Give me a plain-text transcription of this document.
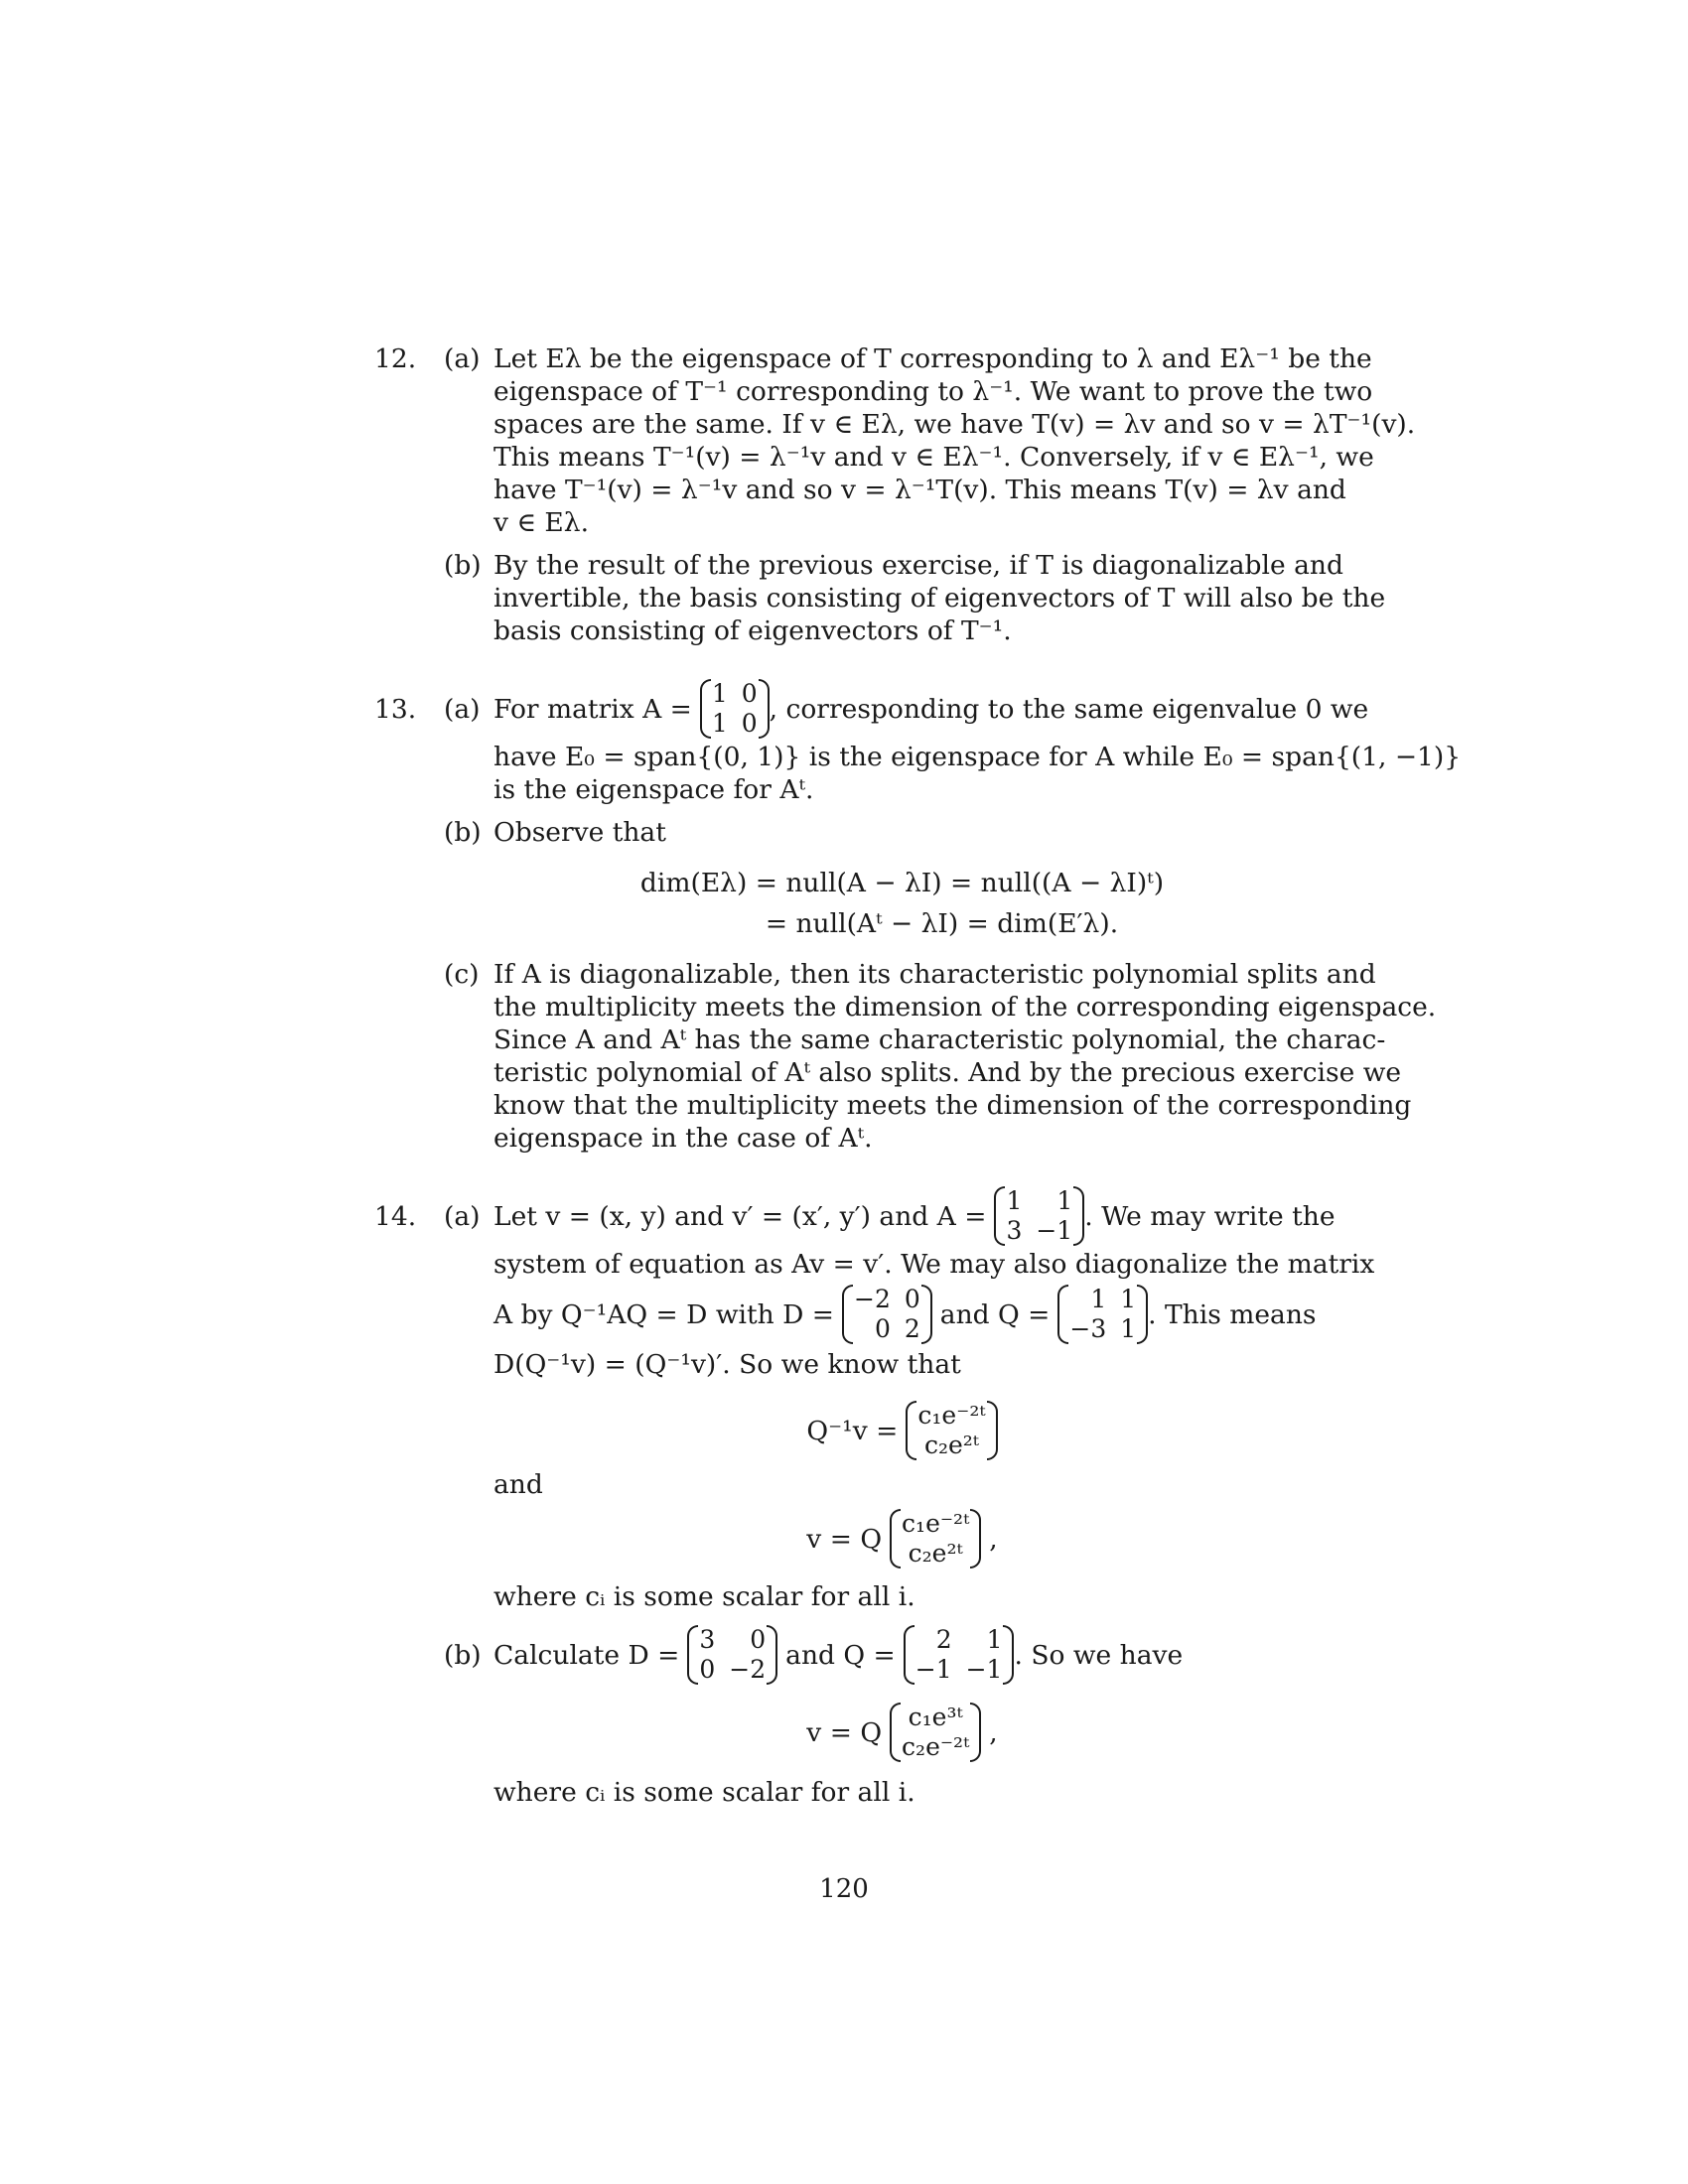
12.	(a) Let Eλ be the eigenspace of T corresponding to λ and Eλ⁻¹ be the
eigenspace of T⁻¹ corresponding to λ⁻¹. We want to prove the two
spaces are the same. If v ∈ Eλ, we have T(v) = λv and so v = λT⁻¹(v).
This means T⁻¹(v) = λ⁻¹v and v ∈ Eλ⁻¹. Conversely, if v ∈ Eλ⁻¹, we
have T⁻¹(v) = λ⁻¹v and so v = λ⁻¹T(v). This means T(v) = λv and
v ∈ Eλ.
(b) By the result of the previous exercise, if T is diagonalizable and
invertible, the basis consisting of eigenvectors of T will also be the
basis consisting of eigenvectors of T⁻¹.
13.	(a) For matrix A = 1 0
1 0 , corresponding to the same eigenvalue 0 we
have E₀ = span{(0, 1)} is the eigenspace for A while E₀ = span{(1, −1)}
is the eigenspace for Aᵗ.
(b) Observe that
dim(Eλ) = null(A − λI) = null((A − λI)ᵗ)
= null(Aᵗ − λI) = dim(E′λ).
(c) If A is diagonalizable, then its characteristic polynomial splits and
the multiplicity meets the dimension of the corresponding eigenspace.
Since A and Aᵗ has the same characteristic polynomial, the charac-
teristic polynomial of Aᵗ also splits. And by the precious exercise we
know that the multiplicity meets the dimension of the corresponding
eigenspace in the case of Aᵗ.
14.	(a) Let v = (x, y) and v′ = (x′, y′) and A = 1	1
3 −1 . We may write the
system of equation as Av = v′. We may also diagonalize the matrix
A by Q⁻¹AQ = D with D = −2 0
0 2 and Q =	1 1
−3 1 . This means
D(Q⁻¹v) = (Q⁻¹v)′. So we know that
Q⁻¹v = c₁e⁻²ᵗ
c₂e²ᵗ
and
v = Q c₁e⁻²ᵗ
c₂e²ᵗ ,
where cᵢ is some scalar for all i.
(b) Calculate D = 3	0
0 −2 and Q =	2	1
−1 −1 . So we have
v = Q c₁e³ᵗ
c₂e⁻²ᵗ ,
where cᵢ is some scalar for all i.
120
